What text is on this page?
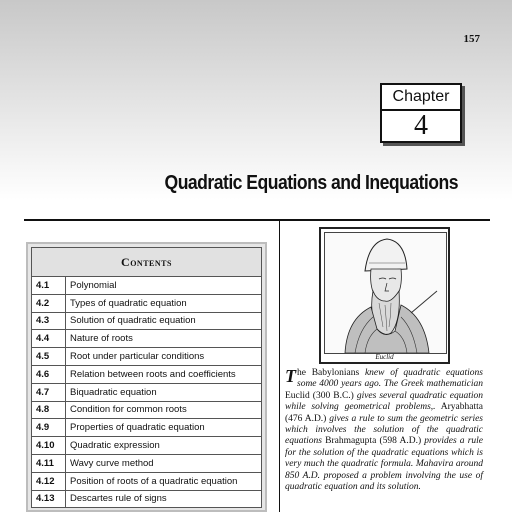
157
Chapter
4
Quadratic Equations and Inequations
Contents
4.1	Polynomial
4.2	Types of quadratic equation
4.3	Solution of quadratic equation
4.4	Nature of roots
4.5	Root under particular conditions
4.6	Relation between roots and coefficients
4.7	Biquadratic equation
4.8	Condition for common roots
4.9	Properties of quadratic equation
4.10	Quadratic expression
4.11	Wavy curve method
4.12	Position of roots of a quadratic equation
4.13	Descartes rule of signs
Euclid

The Babylonians knew of quadratic equations some 4000 years ago. The Greek mathematician Euclid (300 B.C.) gives several quadratic equation while solving geometrical problems,. Aryabhatta (476 A.D.) gives a rule to sum the geometric series which involves the solution of the quadratic equations Brahmagupta (598 A.D.) provides a rule for the solution of the quadratic equations which is very much the quadratic formula. Mahavira around 850 A.D. proposed a problem involving the use of quadratic equation and its solution.
